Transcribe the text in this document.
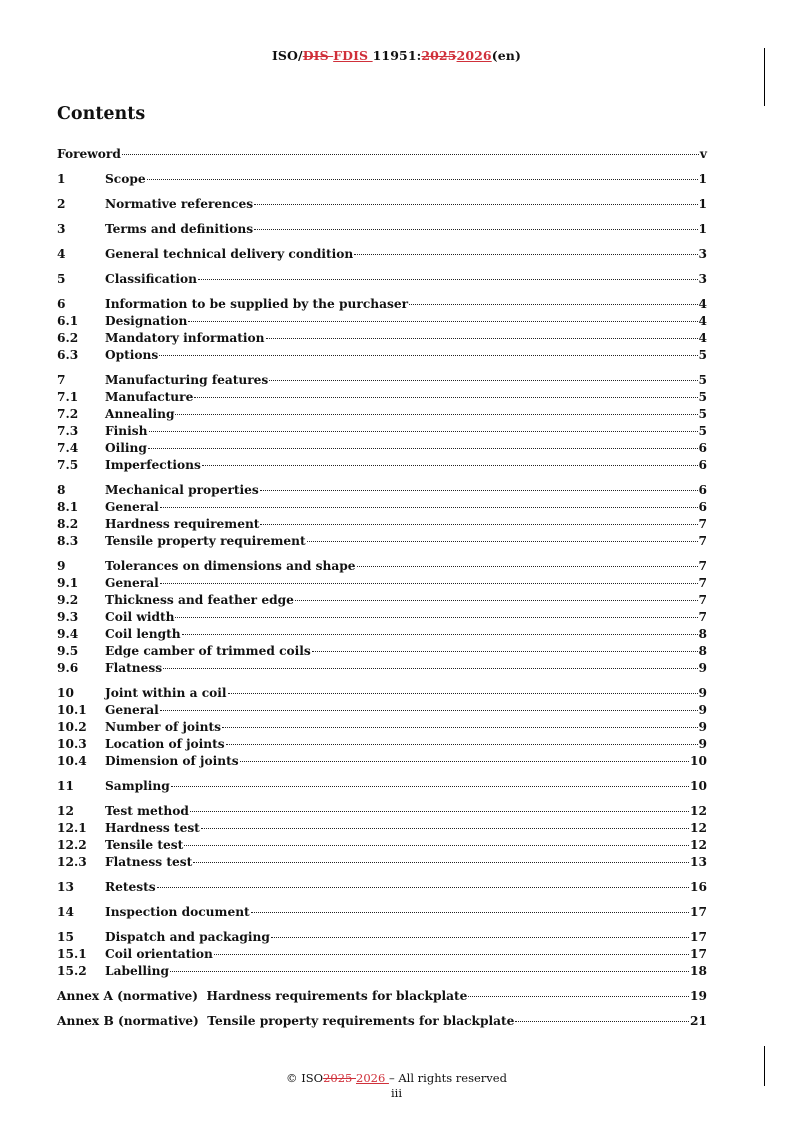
ISO/DIS FDIS 11951:20252026(en)
Contents
Foreword	v
1	Scope	1
2	Normative references	1
3	Terms and definitions	1
4	General technical delivery condition	3
5	Classification	3
6	Information to be supplied by the purchaser	4
6.1	Designation	4
6.2	Mandatory information	4
6.3	Options	5
7	Manufacturing features	5
7.1	Manufacture	5
7.2	Annealing	5
7.3	Finish	5
7.4	Oiling	6
7.5	Imperfections	6
8	Mechanical properties	6
8.1	General	6
8.2	Hardness requirement	7
8.3	Tensile property requirement	7
9	Tolerances on dimensions and shape	7
9.1	General	7
9.2	Thickness and feather edge	7
9.3	Coil width	7
9.4	Coil length	8
9.5	Edge camber of trimmed coils	8
9.6	Flatness	9
10	Joint within a coil	9
10.1	General	9
10.2	Number of joints	9
10.3	Location of joints	9
10.4	Dimension of joints	10
11	Sampling	10
12	Test method	12
12.1	Hardness test	12
12.2	Tensile test	12
12.3	Flatness test	13
13	Retests	16
14	Inspection document	17
15	Dispatch and packaging	17
15.1	Coil orientation	17
15.2	Labelling	18
Annex A (normative)  Hardness requirements for blackplate	19
Annex B (normative)  Tensile property requirements for blackplate	21
© ISO2025 2026 – All rights reserved
iii
